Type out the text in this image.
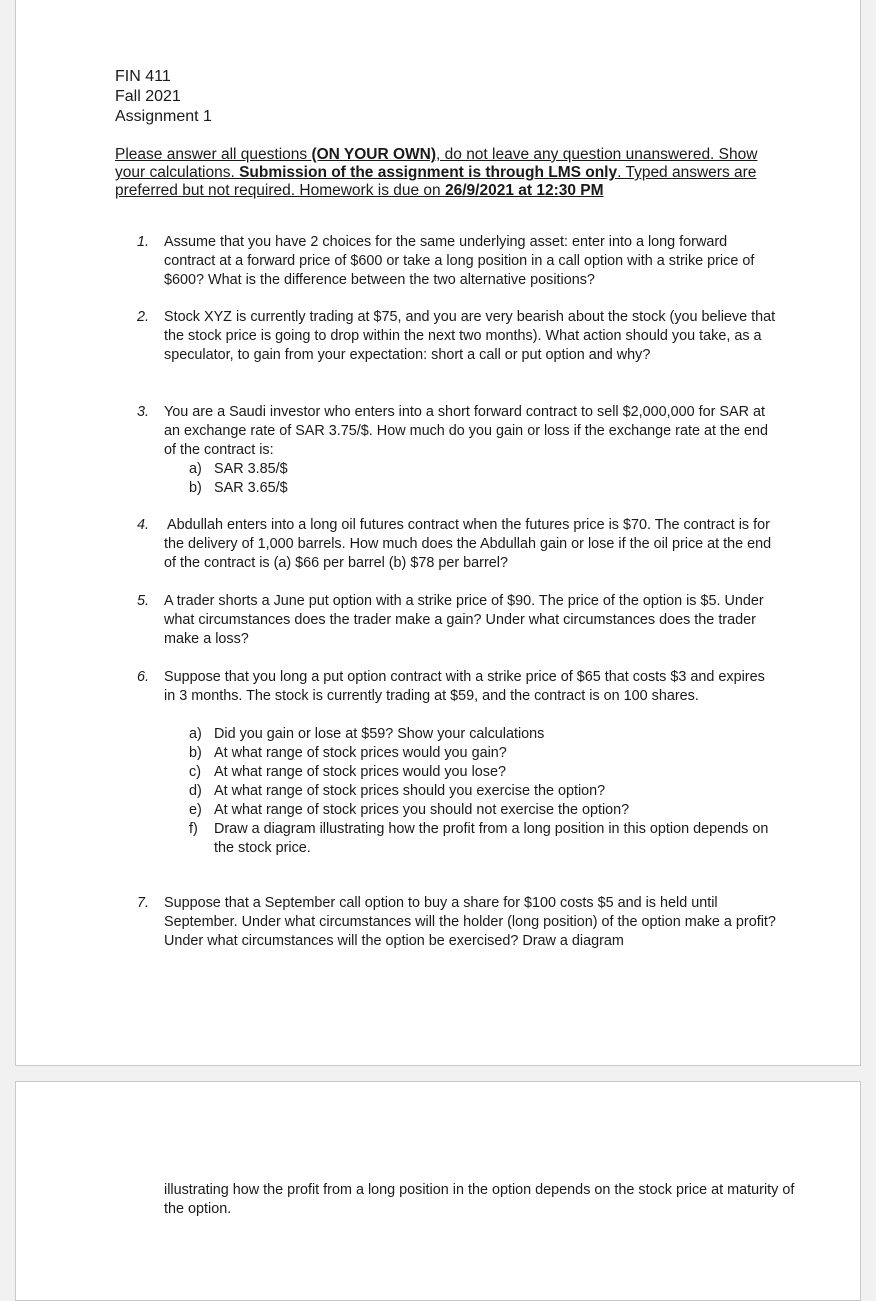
FIN 411
Fall 2021
Assignment 1
Please answer all questions (ON YOUR OWN), do not leave any question unanswered. Show your calculations. Submission of the assignment is through LMS only. Typed answers are preferred but not required. Homework is due on 26/9/2021 at 12:30 PM
1. Assume that you have 2 choices for the same underlying asset: enter into a long forward contract at a forward price of $600 or take a long position in a call option with a strike price of $600? What is the difference between the two alternative positions?
2. Stock XYZ is currently trading at $75, and you are very bearish about the stock (you believe that the stock price is going to drop within the next two months). What action should you take, as a speculator, to gain from your expectation: short a call or put option and why?
3. You are a Saudi investor who enters into a short forward contract to sell $2,000,000 for SAR at an exchange rate of SAR 3.75/$. How much do you gain or loss if the exchange rate at the end of the contract is:
a) SAR 3.85/$
b) SAR 3.65/$
4. Abdullah enters into a long oil futures contract when the futures price is $70. The contract is for the delivery of 1,000 barrels. How much does the Abdullah gain or lose if the oil price at the end of the contract is (a) $66 per barrel (b) $78 per barrel?
5. A trader shorts a June put option with a strike price of $90. The price of the option is $5. Under what circumstances does the trader make a gain? Under what circumstances does the trader make a loss?
6. Suppose that you long a put option contract with a strike price of $65 that costs $3 and expires in 3 months. The stock is currently trading at $59, and the contract is on 100 shares.
a) Did you gain or lose at $59? Show your calculations
b) At what range of stock prices would you gain?
c) At what range of stock prices would you lose?
d) At what range of stock prices should you exercise the option?
e) At what range of stock prices you should not exercise the option?
f) Draw a diagram illustrating how the profit from a long position in this option depends on the stock price.
7. Suppose that a September call option to buy a share for $100 costs $5 and is held until September. Under what circumstances will the holder (long position) of the option make a profit? Under what circumstances will the option be exercised? Draw a diagram
illustrating how the profit from a long position in the option depends on the stock price at maturity of the option.
